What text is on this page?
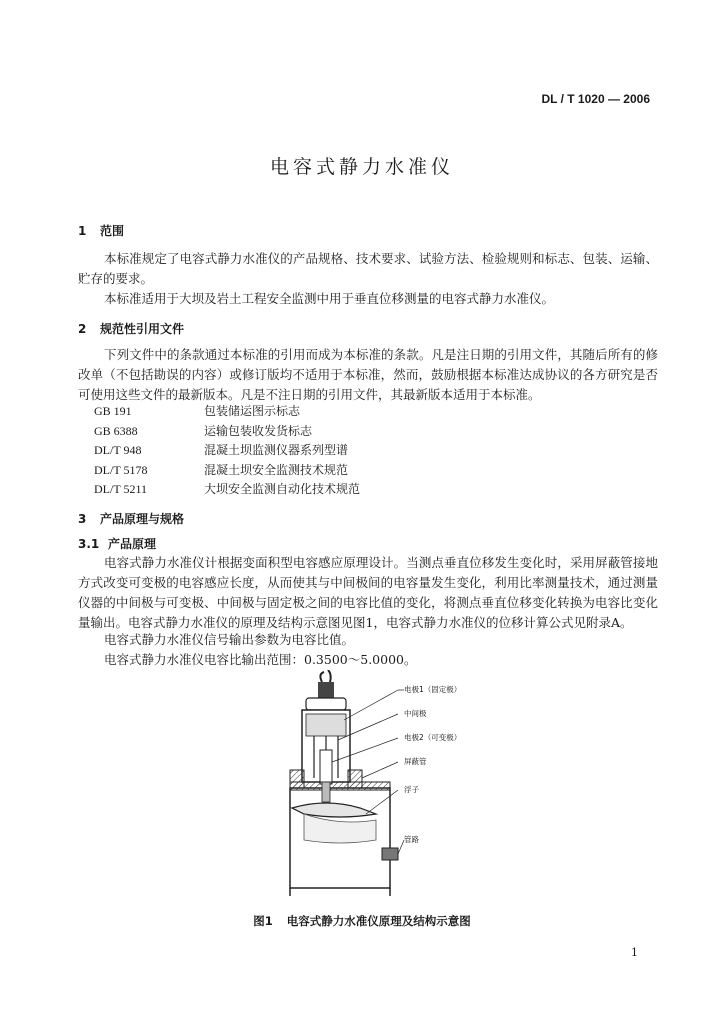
DL / T 1020 — 2006
电容式静力水准仪
1 范围
本标准规定了电容式静力水准仪的产品规格、技术要求、试验方法、检验规则和标志、包装、运输、贮存的要求。
本标准适用于大坝及岩土工程安全监测中用于垂直位移测量的电容式静力水准仪。
2 规范性引用文件
下列文件中的条款通过本标准的引用而成为本标准的条款。凡是注日期的引用文件，其随后所有的修改单（不包括勘误的内容）或修订版均不适用于本标准，然而，鼓励根据本标准达成协议的各方研究是否可使用这些文件的最新版本。凡是不注日期的引用文件，其最新版本适用于本标准。
GB 191	包装储运图示标志
GB 6388	运输包装收发货标志
DL/T 948	混凝土坝监测仪器系列型谱
DL/T 5178	混凝土坝安全监测技术规范
DL/T 5211	大坝安全监测自动化技术规范
3 产品原理与规格
3.1 产品原理
电容式静力水准仪计根据变面积型电容感应原理设计。当测点垂直位移发生变化时，采用屏蔽管接地方式改变可变极的电容感应长度，从而使其与中间极间的电容量发生变化，利用比率测量技术，通过测量仪器的中间极与可变极、中间极与固定极之间的电容比值的变化，将测点垂直位移变化转换为电容比变化量输出。电容式静力水准仪的原理及结构示意图见图1，电容式静力水准仪的位移计算公式见附录A。
电容式静力水准仪信号输出参数为电容比值。
电容式静力水准仪电容比输出范围：0.3500～5.0000。
电极1（固定极）
中间极
电极2（可变极）
屏蔽管
浮子
管路
图1 电容式静力水准仪原理及结构示意图
1
